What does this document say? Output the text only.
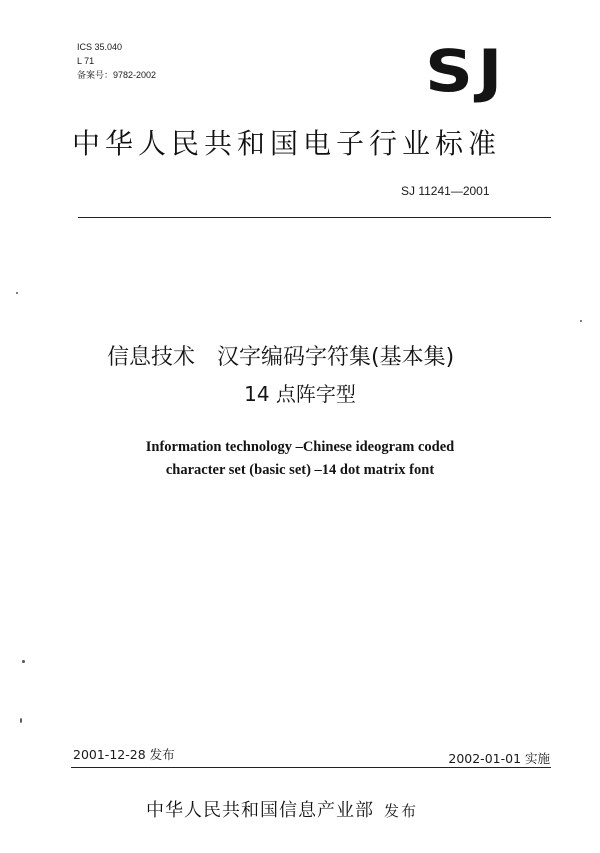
ICS 35.040
L 71
备案号：9782-2002	SJ
中华人民共和国电子行业标准
SJ 11241—2001
信息技术　汉字编码字符集(基本集)
14 点阵字型
Information technology –Chinese ideogram coded
character set (basic set) –14 dot matrix font
2001-12-28 发布	2002-01-01 实施
中华人民共和国信息产业部 发布
